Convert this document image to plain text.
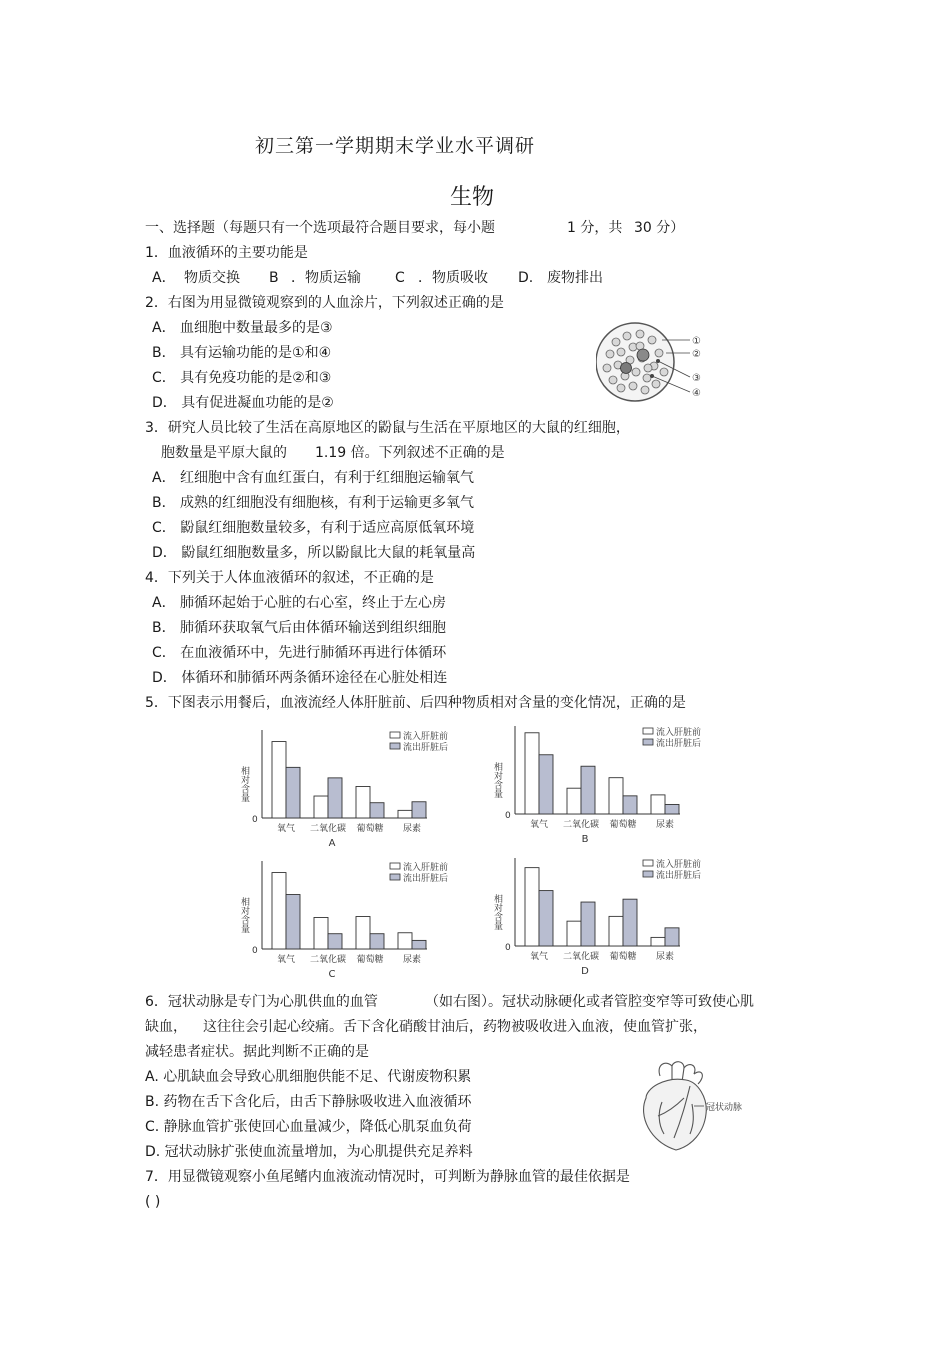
初三第一学期期末学业水平调研
生物
一、选择题（每题只有一个选项最符合题目要求，每小题	1 分，共 30 分）
1．血液循环的主要功能是
A． 物质交换 B ．物质运输 C ．物质吸收 D. 废物排出
2．右图为用显微镜观察到的人血涂片，下列叙述正确的是
A． 血细胞中数量最多的是③
B． 具有运输功能的是①和④
C． 具有免疫功能的是②和③
D． 具有促进凝血功能的是②
①
②
③
④
3．研究人员比较了生活在高原地区的鼢鼠与生活在平原地区的大鼠的红细胞，
胞数量是平原大鼠的 1.19 倍。下列叙述不正确的是
A． 红细胞中含有血红蛋白，有利于红细胞运输氧气
B． 成熟的红细胞没有细胞核，有利于运输更多氧气
C． 鼢鼠红细胞数量较多，有利于适应高原低氧环境
D． 鼢鼠红细胞数量多，所以鼢鼠比大鼠的耗氧量高
4．下列关于人体血液循环的叙述，不正确的是
A． 肺循环起始于心脏的右心室，终止于左心房
B． 肺循环获取氧气后由体循环输送到组织细胞
C． 在血液循环中，先进行肺循环再进行体循环
D． 体循环和肺循环两条循环途径在心脏处相连
5．下图表示用餐后，血液流经人体肝脏前、后四种物质相对含量的变化情况，正确的是
0
相对含量
氧气 二氧化碳 葡萄糖 尿素
流入肝脏前
流出肝脏后
A
0
相对含量
氧气 二氧化碳 葡萄糖 尿素
流入肝脏前
流出肝脏后
B
0
相对含量
氧气 二氧化碳 葡萄糖 尿素
流入肝脏前
流出肝脏后
C
0
相对含量
氧气 二氧化碳 葡萄糖 尿素
流入肝脏前
流出肝脏后
D
6．冠状动脉是专门为心肌供血的血管	（如右图）。冠状动脉硬化或者管腔变窄等可致使心肌
缺血， 这往往会引起心绞痛。舌下含化硝酸甘油后，药物被吸收进入血液，使血管扩张，
减轻患者症状。据此判断不正确的是
A. 心肌缺血会导致心肌细胞供能不足、代谢废物积累
B. 药物在舌下含化后，由舌下静脉吸收进入血液循环
C. 静脉血管扩张使回心血量减少，降低心肌泵血负荷
D. 冠状动脉扩张使血流量增加，为心肌提供充足养料
冠状动脉
7．用显微镜观察小鱼尾鳍内血液流动情况时，可判断为静脉血管的最佳依据是
( )
